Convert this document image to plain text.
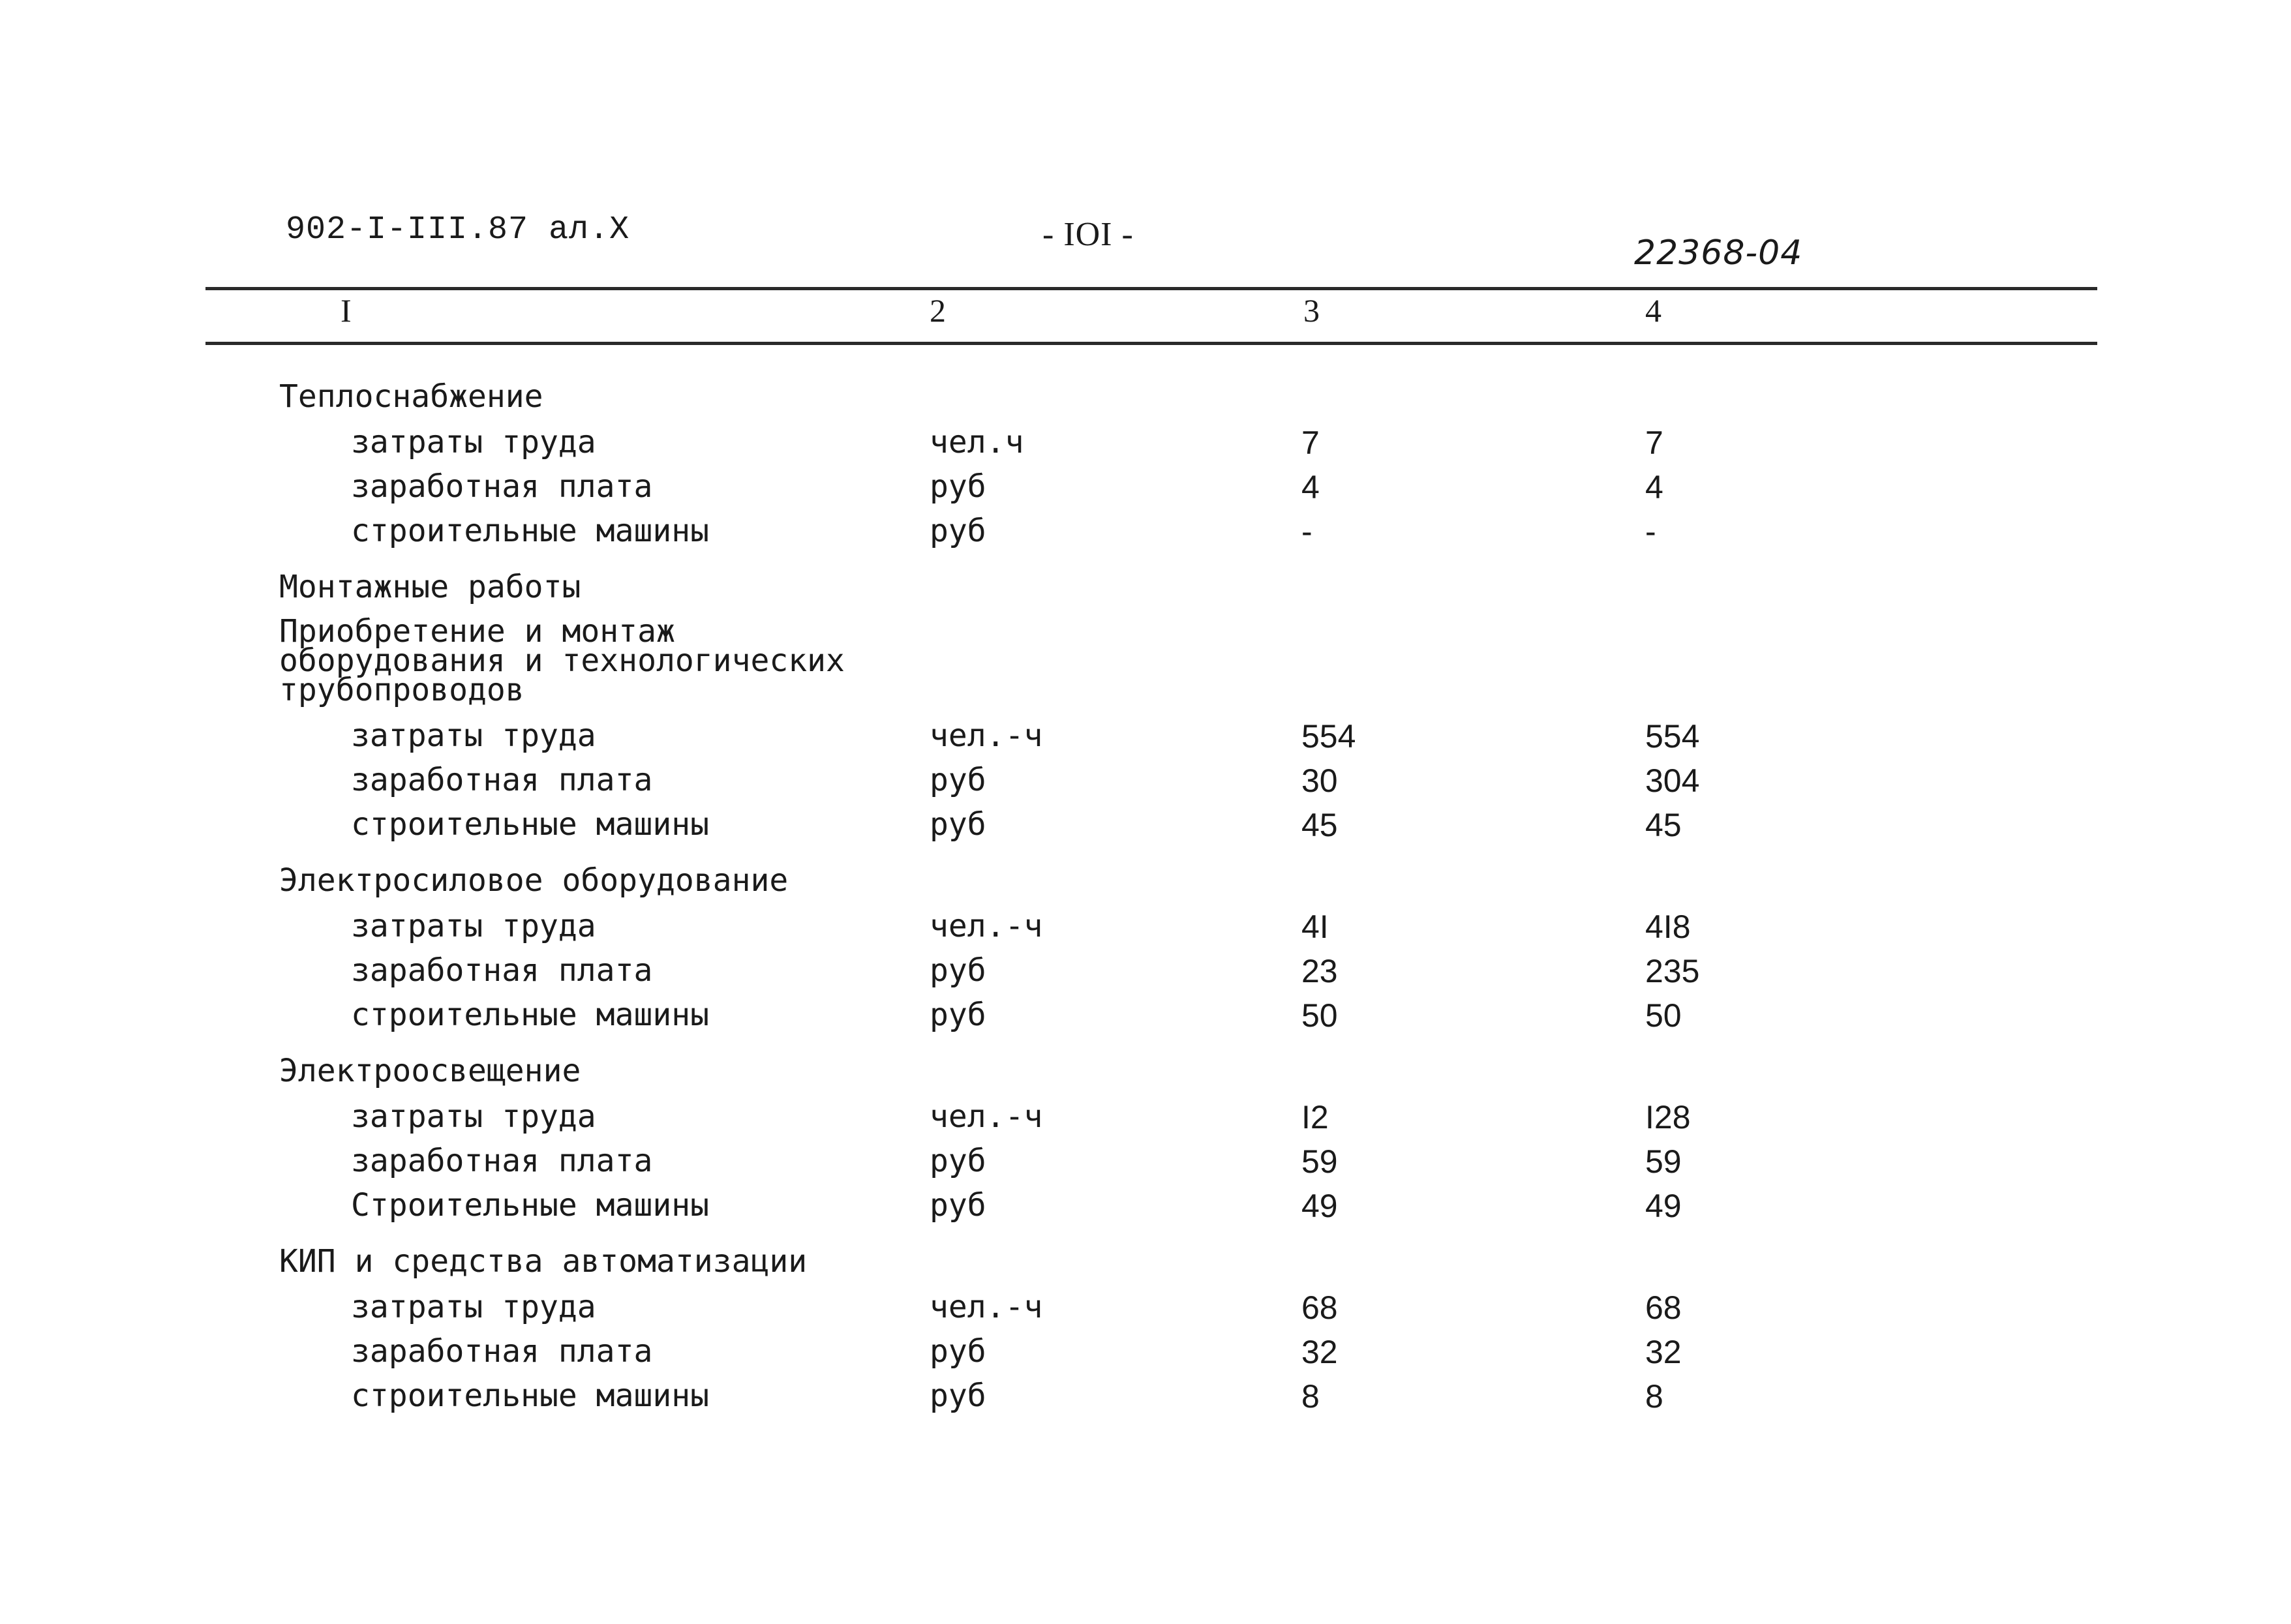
902-I-III.87 ал.X	- IOI -	22368-04
I	2	3	4
Теплоснабжение
затраты труда	чел.ч	7	7
заработная плата	руб	4	4
строительные машины	руб	-	-
Монтажные работы
Приобретение и монтаж
оборудования и технологических
трубопроводов
затраты труда	чел.-ч	554	554
заработная плата	руб	30	304
строительные машины	руб	45	45
Электросиловое оборудование
затраты труда	чел.-ч	4I	4I8
заработная плата	руб	23	235
строительные машины	руб	50	50
Электроосвещение
затраты труда	чел.-ч	I2	I28
заработная плата	руб	59	59
Строительные машины	руб	49	49
КИП и средства автоматизации
затраты труда	чел.-ч	68	68
заработная плата	руб	32	32
строительные машины	руб	8	8
